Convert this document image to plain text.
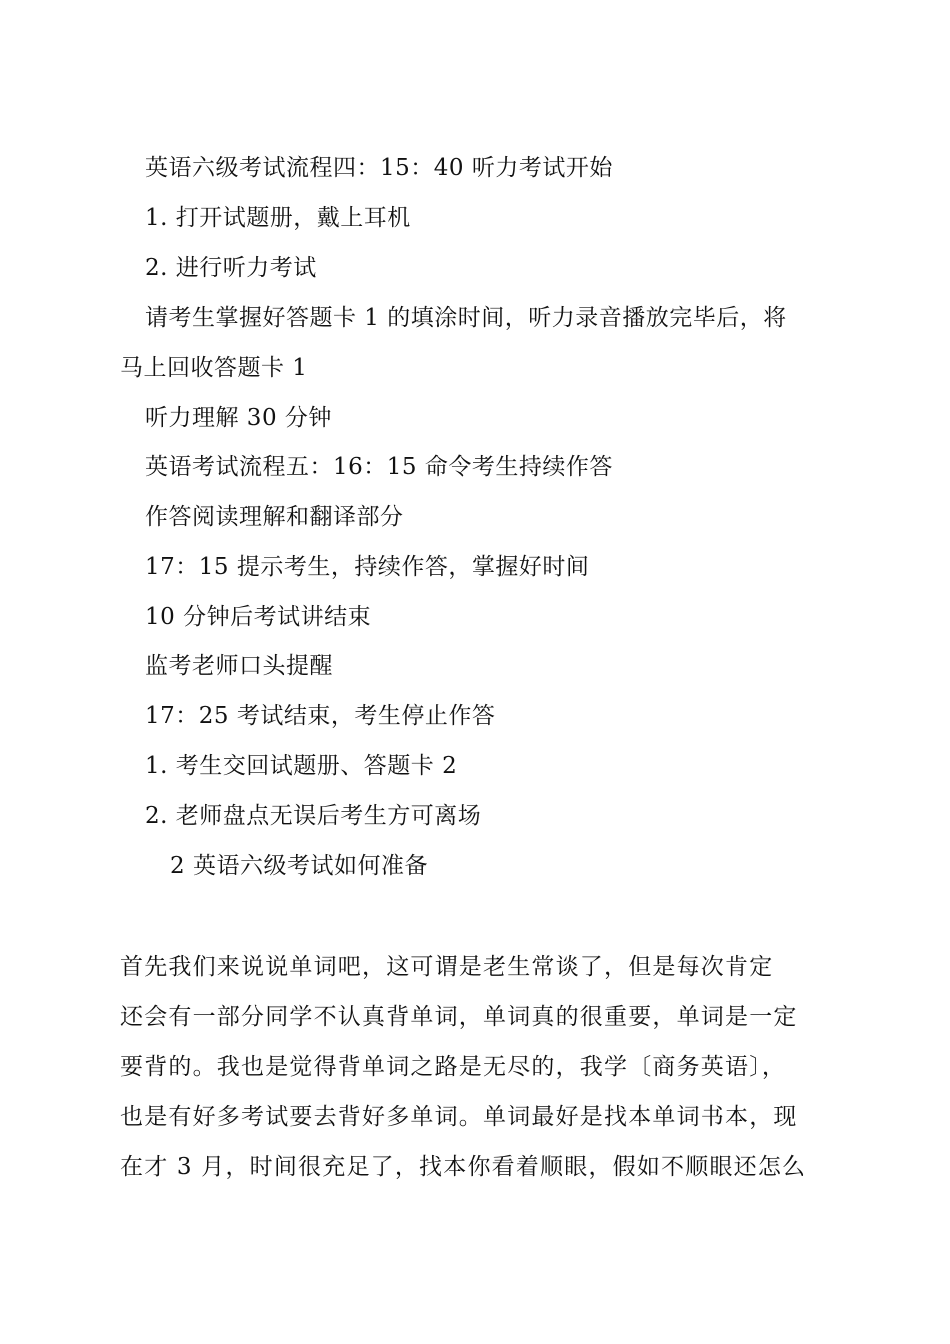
英语六级考试流程四：15：40 听力考试开始
1. 打开试题册，戴上耳机
2. 进行听力考试
请考生掌握好答题卡 1 的填涂时间，听力录音播放完毕后，将
马上回收答题卡 1
听力理解 30 分钟
英语考试流程五：16：15 命令考生持续作答
作答阅读理解和翻译部分
17：15 提示考生，持续作答，掌握好时间
10 分钟后考试讲结束
监考老师口头提醒
17：25 考试结束，考生停止作答
1. 考生交回试题册、答题卡 2
2. 老师盘点无误后考生方可离场
2 英语六级考试如何准备
首先我们来说说单词吧，这可谓是老生常谈了，但是每次肯定
还会有一部分同学不认真背单词，单词真的很重要，单词是一定
要背的。我也是觉得背单词之路是无尽的，我学〔商务英语〕，
也是有好多考试要去背好多单词。单词最好是找本单词书本，现
在才 3 月，时间很充足了，找本你看着顺眼，假如不顺眼还怎么
